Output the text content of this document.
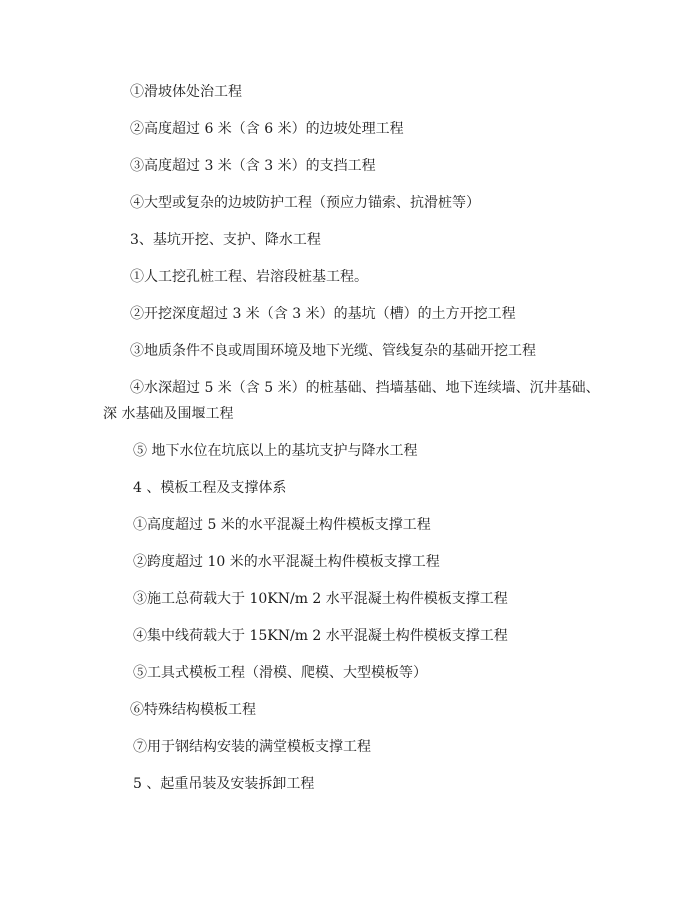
①滑坡体处治工程
②高度超过 6 米（含 6 米）的边坡处理工程
③高度超过 3 米（含 3 米）的支挡工程
④大型或复杂的边坡防护工程（预应力锚索、抗滑桩等）
3、基坑开挖、支护、降水工程
①人工挖孔桩工程、岩溶段桩基工程。
②开挖深度超过 3 米（含 3 米）的基坑（槽）的土方开挖工程
③地质条件不良或周围环境及地下光缆、管线复杂的基础开挖工程
④水深超过 5 米（含 5 米）的桩基础、挡墙基础、地下连续墙、沉井基础、
深 水基础及围堰工程
⑤ 地下水位在坑底以上的基坑支护与降水工程
4 、模板工程及支撑体系
①高度超过 5 米的水平混凝土构件模板支撑工程
②跨度超过 10 米的水平混凝土构件模板支撑工程
③施工总荷载大于 10KN/m 2 水平混凝土构件模板支撑工程
④集中线荷载大于 15KN/m 2 水平混凝土构件模板支撑工程
⑤工具式模板工程（滑模、爬模、大型模板等）
⑥特殊结构模板工程
⑦用于钢结构安装的满堂模板支撑工程
5 、起重吊装及安装拆卸工程
